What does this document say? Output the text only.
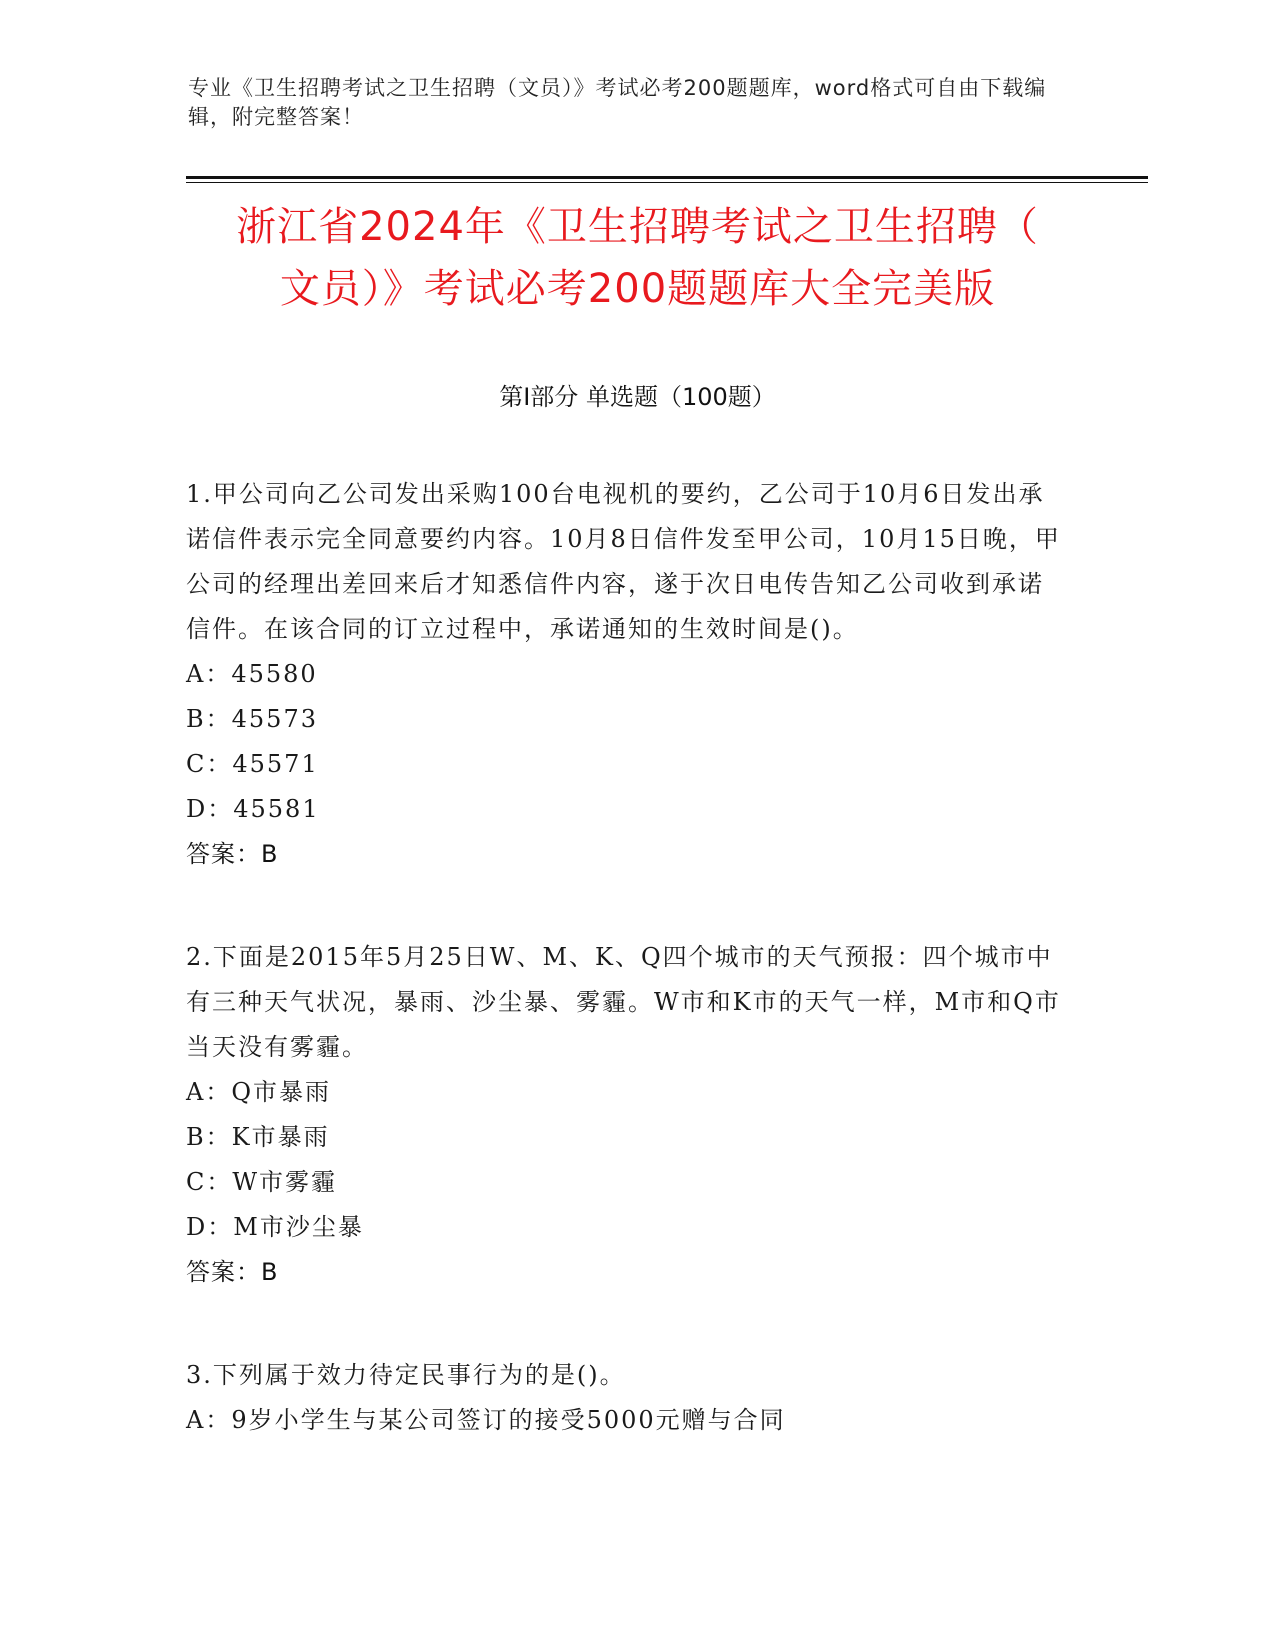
专业《卫生招聘考试之卫生招聘（文员）》考试必考200题题库，word格式可自由下载编辑，附完整答案！
浙江省2024年《卫生招聘考试之卫生招聘（
文员）》考试必考200题题库大全完美版
第Ⅰ部分 单选题（100题）
1.甲公司向乙公司发出采购100台电视机的要约，乙公司于10月6日发出承诺信件表示完全同意要约内容。10月8日信件发至甲公司，10月15日晚，甲公司的经理出差回来后才知悉信件内容，遂于次日电传告知乙公司收到承诺信件。在该合同的订立过程中，承诺通知的生效时间是()。
A：45580
B：45573
C：45571
D：45581
答案：B
2.下面是2015年5月25日W、M、K、Q四个城市的天气预报：四个城市中有三种天气状况，暴雨、沙尘暴、雾霾。W市和K市的天气一样，M市和Q市当天没有雾霾。
A：Q市暴雨
B：K市暴雨
C：W市雾霾
D：M市沙尘暴
答案：B
3.下列属于效力待定民事行为的是()。
A：9岁小学生与某公司签订的接受5000元赠与合同
